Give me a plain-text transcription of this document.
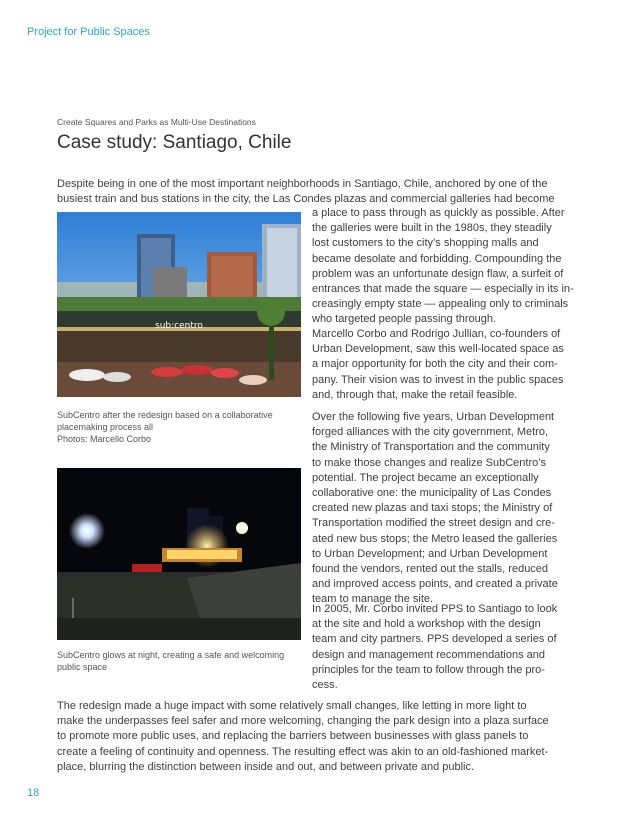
Project for Public Spaces
Create Squares and Parks as Multi-Use Destinations
Case study: Santiago, Chile
Despite being in one of the most important neighborhoods in Santiago, Chile, anchored by one of the
busiest train and bus stations in the city, the Las Condes plazas and commercial galleries had become
sub:centro
SubCentro after the redesign based on a collaborative
placemaking process all
Photos: Marcello Corbo
SubCentro glows at night, creating a safe and welcoming
public space
a place to pass through as quickly as possible. After
the galleries were built in the 1980s, they steadily
lost customers to the city’s shopping malls and
became desolate and forbidding. Compounding the
problem was an unfortunate design flaw, a surfeit of
entrances that made the square — especially in its in-
creasingly empty state — appealing only to criminals
who targeted people passing through.
Marcello Corbo and Rodrigo Jullian, co-founders of
Urban Development, saw this well-located space as
a major opportunity for both the city and their com-
pany. Their vision was to invest in the public spaces
and, through that, make the retail feasible.
Over the following five years, Urban Development
forged alliances with the city government, Metro,
the Ministry of Transportation and the community
to make those changes and realize SubCentro’s
potential. The project became an exceptionally
collaborative one: the municipality of Las Condes
created new plazas and taxi stops; the Ministry of
Transportation modified the street design and cre-
ated new bus stops; the Metro leased the galleries
to Urban Development; and Urban Development
found the vendors, rented out the stalls, reduced
and improved access points, and created a private
team to manage the site.
In 2005, Mr. Corbo invited PPS to Santiago to look
at the site and hold a workshop with the design
team and city partners. PPS developed a series of
design and management recommendations and
principles for the team to follow through the pro-
cess.
The redesign made a huge impact with some relatively small changes, like letting in more light to
make the underpasses feel safer and more welcoming, changing the park design into a plaza surface
to promote more public uses, and replacing the barriers between businesses with glass panels to
create a feeling of continuity and openness. The resulting effect was akin to an old-fashioned market-
place, blurring the distinction between inside and out, and between private and public.
18
